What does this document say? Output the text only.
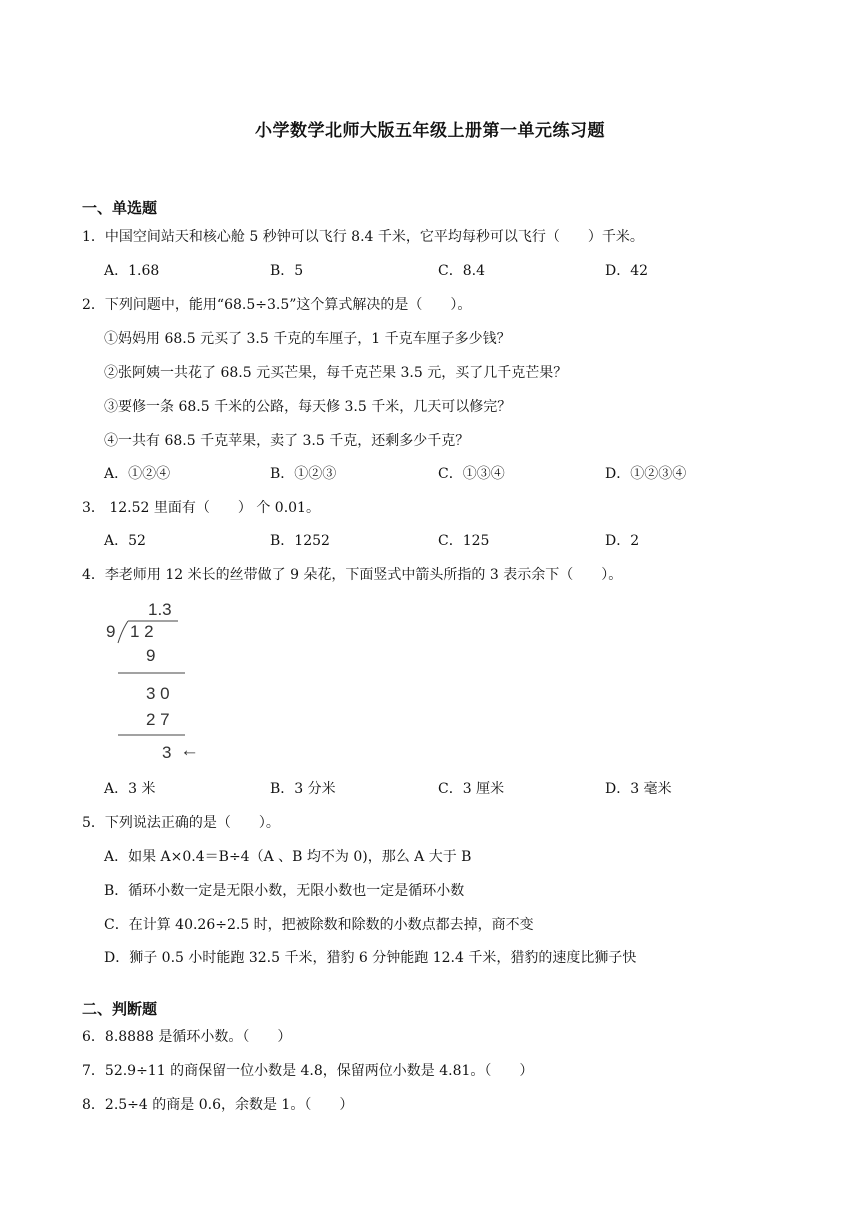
小学数学北师大版五年级上册第一单元练习题
一、单选题
1．中国空间站天和核心舱 5 秒钟可以飞行 8.4 千米，它平均每秒可以飞行（　　）千米。
A．1.68	B．5	C．8.4	D．42
2．下列问题中，能用“68.5÷3.5”这个算式解决的是（　　）。
①妈妈用 68.5 元买了 3.5 千克的车厘子，1 千克车厘子多少钱？
②张阿姨一共花了 68.5 元买芒果，每千克芒果 3.5 元，买了几千克芒果？
③要修一条 68.5 千米的公路，每天修 3.5 千米，几天可以修完？
④一共有 68.5 千克苹果，卖了 3.5 千克，还剩多少千克？
A．①②④	B．①②③	C．①③④	D．①②③④
3． 12.52 里面有（　　） 个 0.01。
A．52	B．1252	C．125	D．2
4．李老师用 12 米长的丝带做了 9 朵花，下面竖式中箭头所指的 3 表示余下（　　）。
1.3
9 1 2
9
3 0
2 7
3 ←
A．3 米	B．3 分米	C．3 厘米	D．3 毫米
5．下列说法正确的是（　　）。
A．如果 A×0.4＝B÷4（A 、B 均不为 0)，那么 A 大于 B
B．循环小数一定是无限小数，无限小数也一定是循环小数
C．在计算 40.26÷2.5 时，把被除数和除数的小数点都去掉，商不变
D．狮子 0.5 小时能跑 32.5 千米，猎豹 6 分钟能跑 12.4 千米，猎豹的速度比狮子快
二、判断题
6．8.8888 是循环小数。（　　）
7．52.9÷11 的商保留一位小数是 4.8，保留两位小数是 4.81。（　　）
8．2.5÷4 的商是 0.6，余数是 1。（　　）
